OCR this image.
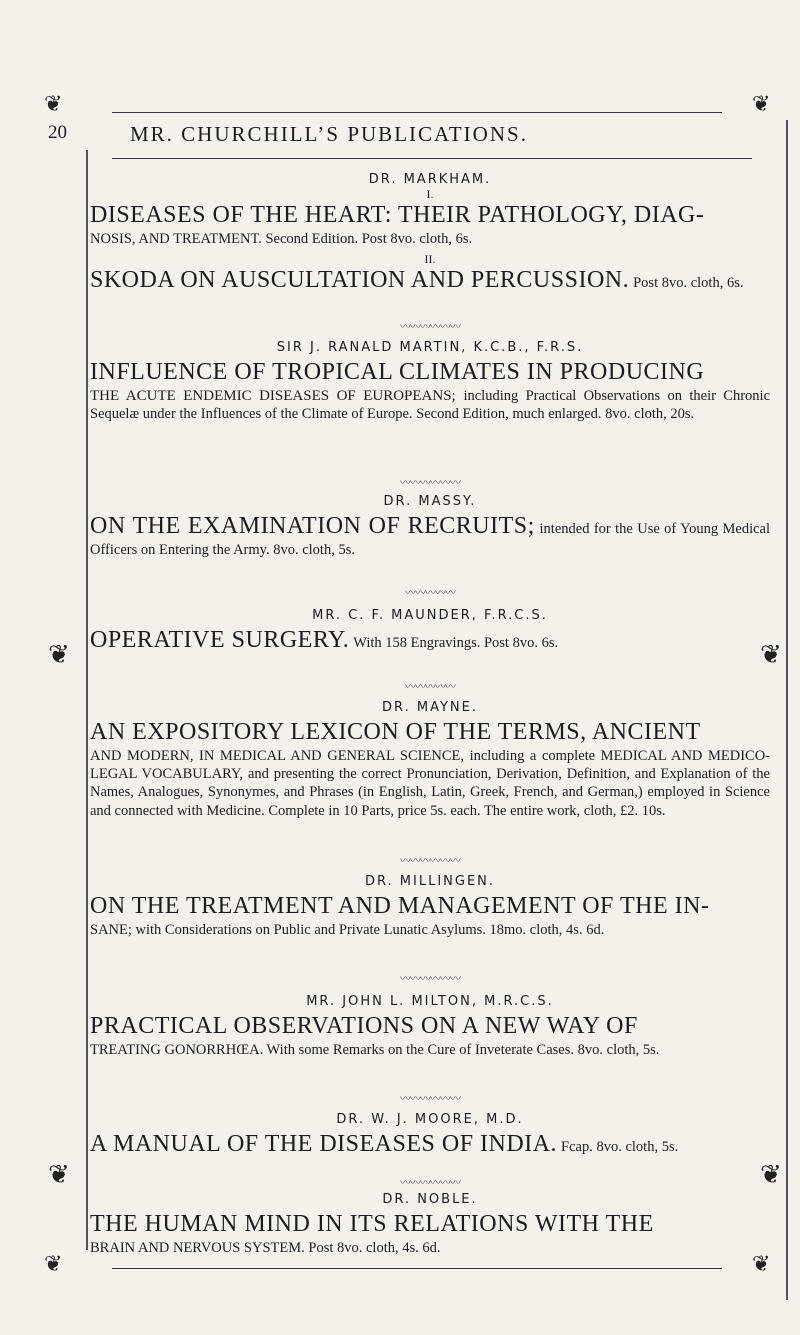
❦	❦
❦	❦
❦	❦
❦	❦
20	MR. CHURCHILL’S PUBLICATIONS.

DR. MARKHAM.

I.

DISEASES OF THE HEART: THEIR PATHOLOGY, DIAG-
NOSIS, AND TREATMENT. Second Edition. Post 8vo. cloth, 6s.

II.

SKODA ON AUSCULTATION AND PERCUSSION. Post 8vo. cloth, 6s.

〰〰〰〰〰〰

SIR J. RANALD MARTIN, K.C.B., F.R.S.

INFLUENCE OF TROPICAL CLIMATES IN PRODUCING
THE ACUTE ENDEMIC DISEASES OF EUROPEANS; including Practical Observations on their Chronic Sequelæ under the Influences of the Climate of Europe. Second Edition, much enlarged. 8vo. cloth, 20s.

〰〰〰〰〰〰

DR. MASSY.

ON THE EXAMINATION OF RECRUITS; intended for the Use of Young Medical Officers on Entering the Army. 8vo. cloth, 5s.

〰〰〰〰〰

MR. C. F. MAUNDER, F.R.C.S.

OPERATIVE SURGERY. With 158 Engravings. Post 8vo. 6s.

〰〰〰〰〰

DR. MAYNE.

AN EXPOSITORY LEXICON OF THE TERMS, ANCIENT
AND MODERN, IN MEDICAL AND GENERAL SCIENCE, including a complete MEDICAL AND MEDICO-LEGAL VOCABULARY, and presenting the correct Pronunciation, Derivation, Definition, and Explanation of the Names, Analogues, Synonymes, and Phrases (in English, Latin, Greek, French, and German,) employed in Science and connected with Medicine. Complete in 10 Parts, price 5s. each. The entire work, cloth, £2. 10s.

〰〰〰〰〰〰

DR. MILLINGEN.

ON THE TREATMENT AND MANAGEMENT OF THE IN-
SANE; with Considerations on Public and Private Lunatic Asylums. 18mo. cloth, 4s. 6d.

〰〰〰〰〰〰

MR. JOHN L. MILTON, M.R.C.S.

PRACTICAL OBSERVATIONS ON A NEW WAY OF
TREATING GONORRHŒA. With some Remarks on the Cure of Inveterate Cases. 8vo. cloth, 5s.

〰〰〰〰〰〰

DR. W. J. MOORE, M.D.

A MANUAL OF THE DISEASES OF INDIA. Fcap. 8vo. cloth, 5s.

〰〰〰〰〰〰

DR. NOBLE.

THE HUMAN MIND IN ITS RELATIONS WITH THE
BRAIN AND NERVOUS SYSTEM. Post 8vo. cloth, 4s. 6d.
